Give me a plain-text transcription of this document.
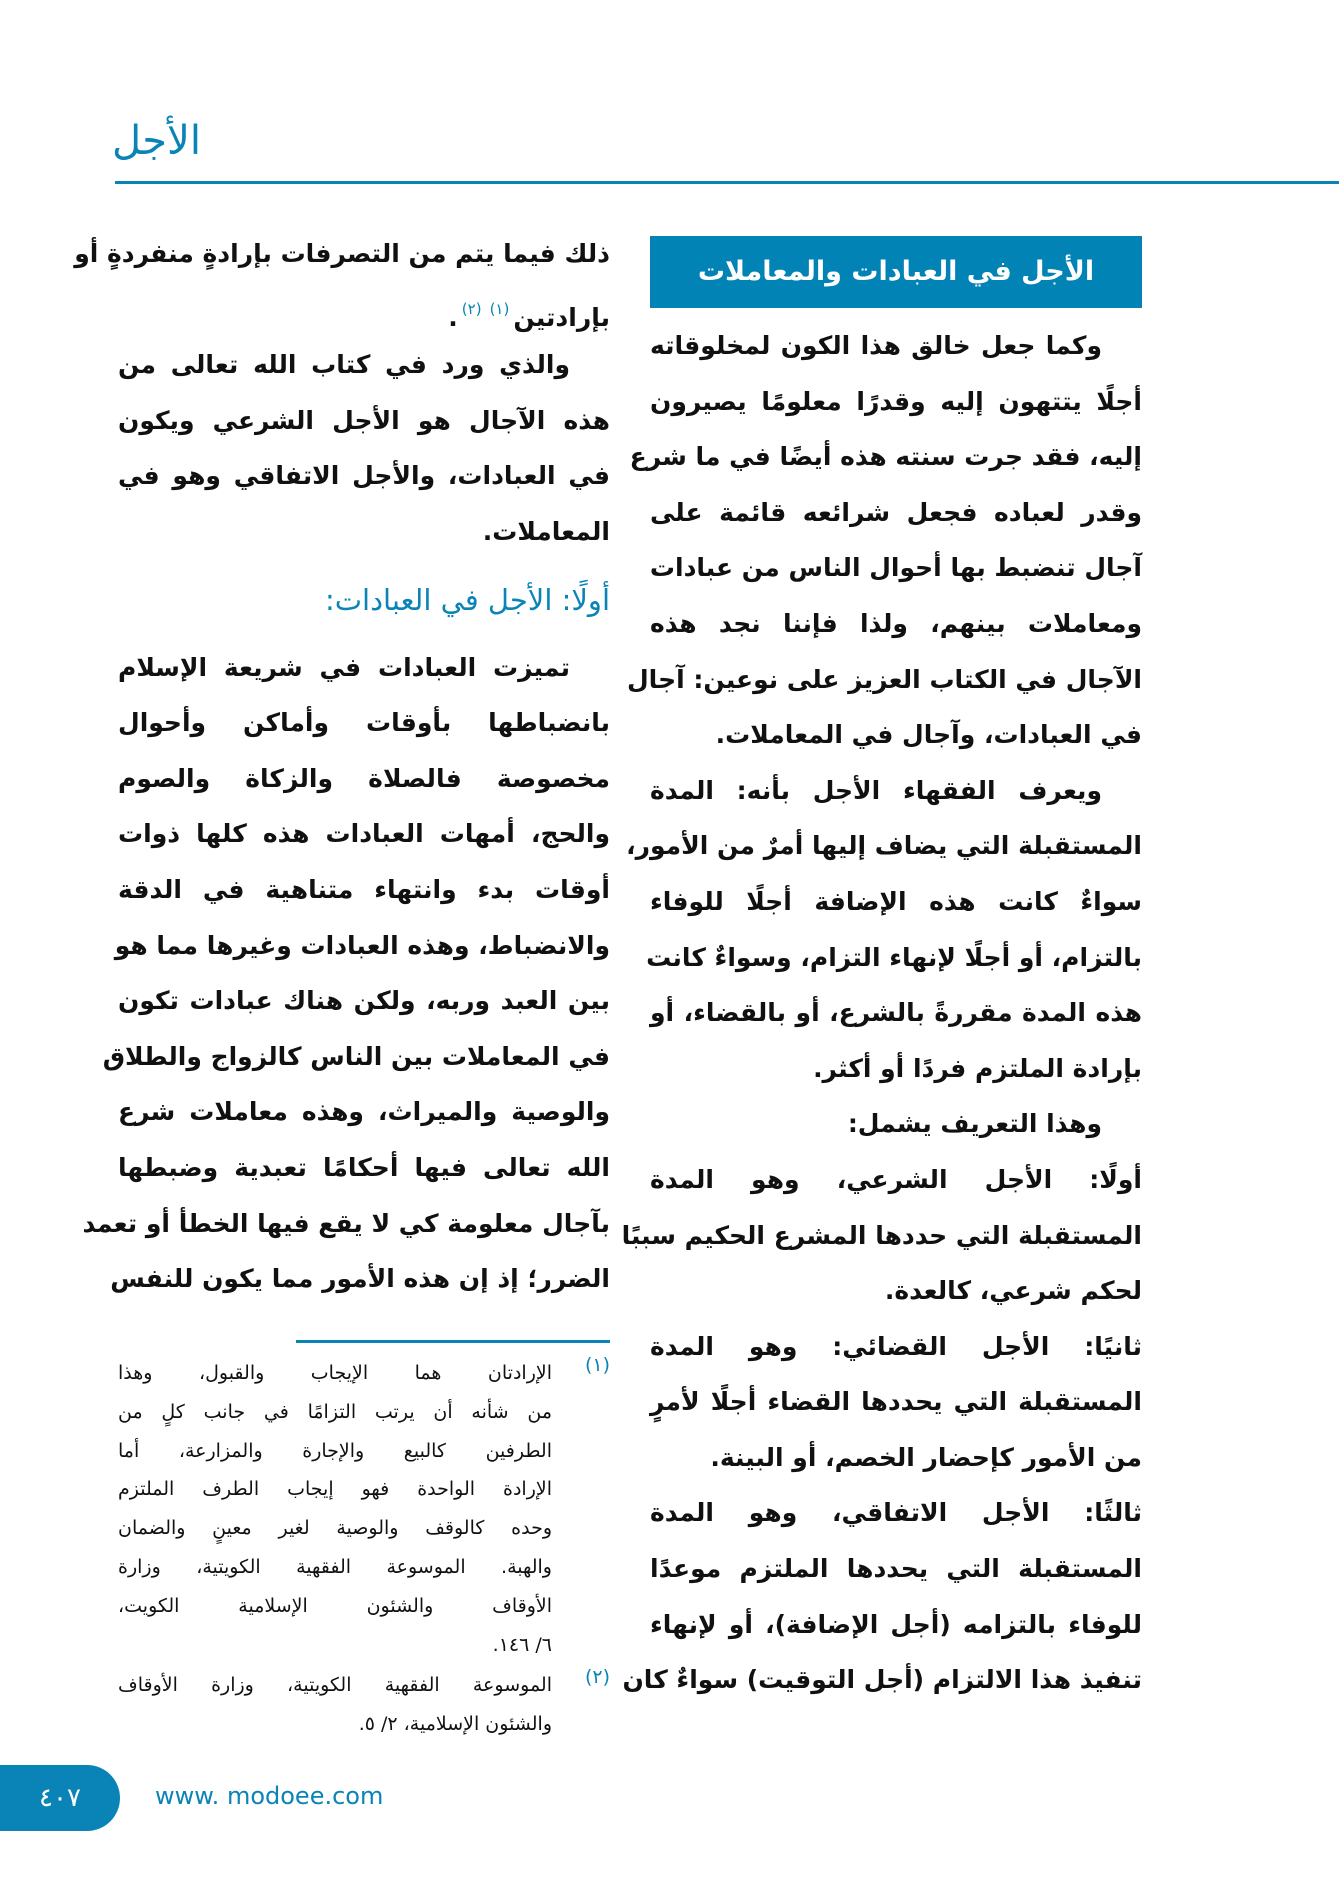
الأجل
الأجل في العبادات والمعاملات
وكما جعل خالق هذا الكون لمخلوقاته
أجلًا يتتهون إليه وقدرًا معلومًا يصيرون
إليه، فقد جرت سنته هذه أيضًا في ما شرع
وقدر لعباده فجعل شرائعه قائمة على
آجال تنضبط بها أحوال الناس من عبادات
ومعاملات بينهم، ولذا فإننا نجد هذه
الآجال في الكتاب العزيز على نوعين: آجال
في العبادات، وآجال في المعاملات.
ويعرف الفقهاء الأجل بأنه: المدة
المستقبلة التي يضاف إليها أمرٌ من الأمور،
سواءٌ كانت هذه الإضافة أجلًا للوفاء
بالتزام، أو أجلًا لإنهاء التزام، وسواءٌ كانت
هذه المدة مقررةً بالشرع، أو بالقضاء، أو
بإرادة الملتزم فردًا أو أكثر.
وهذا التعريف يشمل:
أولًا: الأجل الشرعي، وهو المدة
المستقبلة التي حددها المشرع الحكيم سببًا
لحكم شرعي، كالعدة.
ثانيًا: الأجل القضائي: وهو المدة
المستقبلة التي يحددها القضاء أجلًا لأمرٍ
من الأمور كإحضار الخصم، أو البينة.
ثالثًا: الأجل الاتفاقي، وهو المدة
المستقبلة التي يحددها الملتزم موعدًا
للوفاء بالتزامه (أجل الإضافة)، أو لإنهاء
تنفيذ هذا الالتزام (أجل التوقيت) سواءٌ كان
ذلك فيما يتم من التصرفات بإرادةٍ منفردةٍ أو
بإرادتين$^{(١)(٢)}$.
والذي ورد في كتاب الله تعالى من
هذه الآجال هو الأجل الشرعي ويكون
في العبادات، والأجل الاتفاقي وهو في
المعاملات.
أولًا: الأجل في العبادات:
تميزت العبادات في شريعة الإسلام
بانضباطها بأوقات وأماكن وأحوال
مخصوصة فالصلاة والزكاة والصوم
والحج، أمهات العبادات هذه كلها ذوات
أوقات بدء وانتهاء متناهية في الدقة
والانضباط، وهذه العبادات وغيرها مما هو
بين العبد وربه، ولكن هناك عبادات تكون
في المعاملات بين الناس كالزواج والطلاق
والوصية والميراث، وهذه معاملات شرع
الله تعالى فيها أحكامًا تعبدية وضبطها
بآجال معلومة كي لا يقع فيها الخطأ أو تعمد
الضرر؛ إذ إن هذه الأمور مما يكون للنفس
(١)
الإرادتان هما الإيجاب والقبول، وهذا
من شأنه أن يرتب التزامًا في جانب كلٍ من
الطرفين كالبيع والإجارة والمزارعة، أما
الإرادة الواحدة فهو إيجاب الطرف الملتزم
وحده كالوقف والوصية لغير معينٍ والضمان
والهبة. الموسوعة الفقهية الكويتية، وزارة
الأوقاف والشئون الإسلامية الكويت،
٦/ ١٤٦.
(٢)
الموسوعة الفقهية الكويتية، وزارة الأوقاف
والشئون الإسلامية، ٢/ ٥.
٤٠٧	www. modoee.com
